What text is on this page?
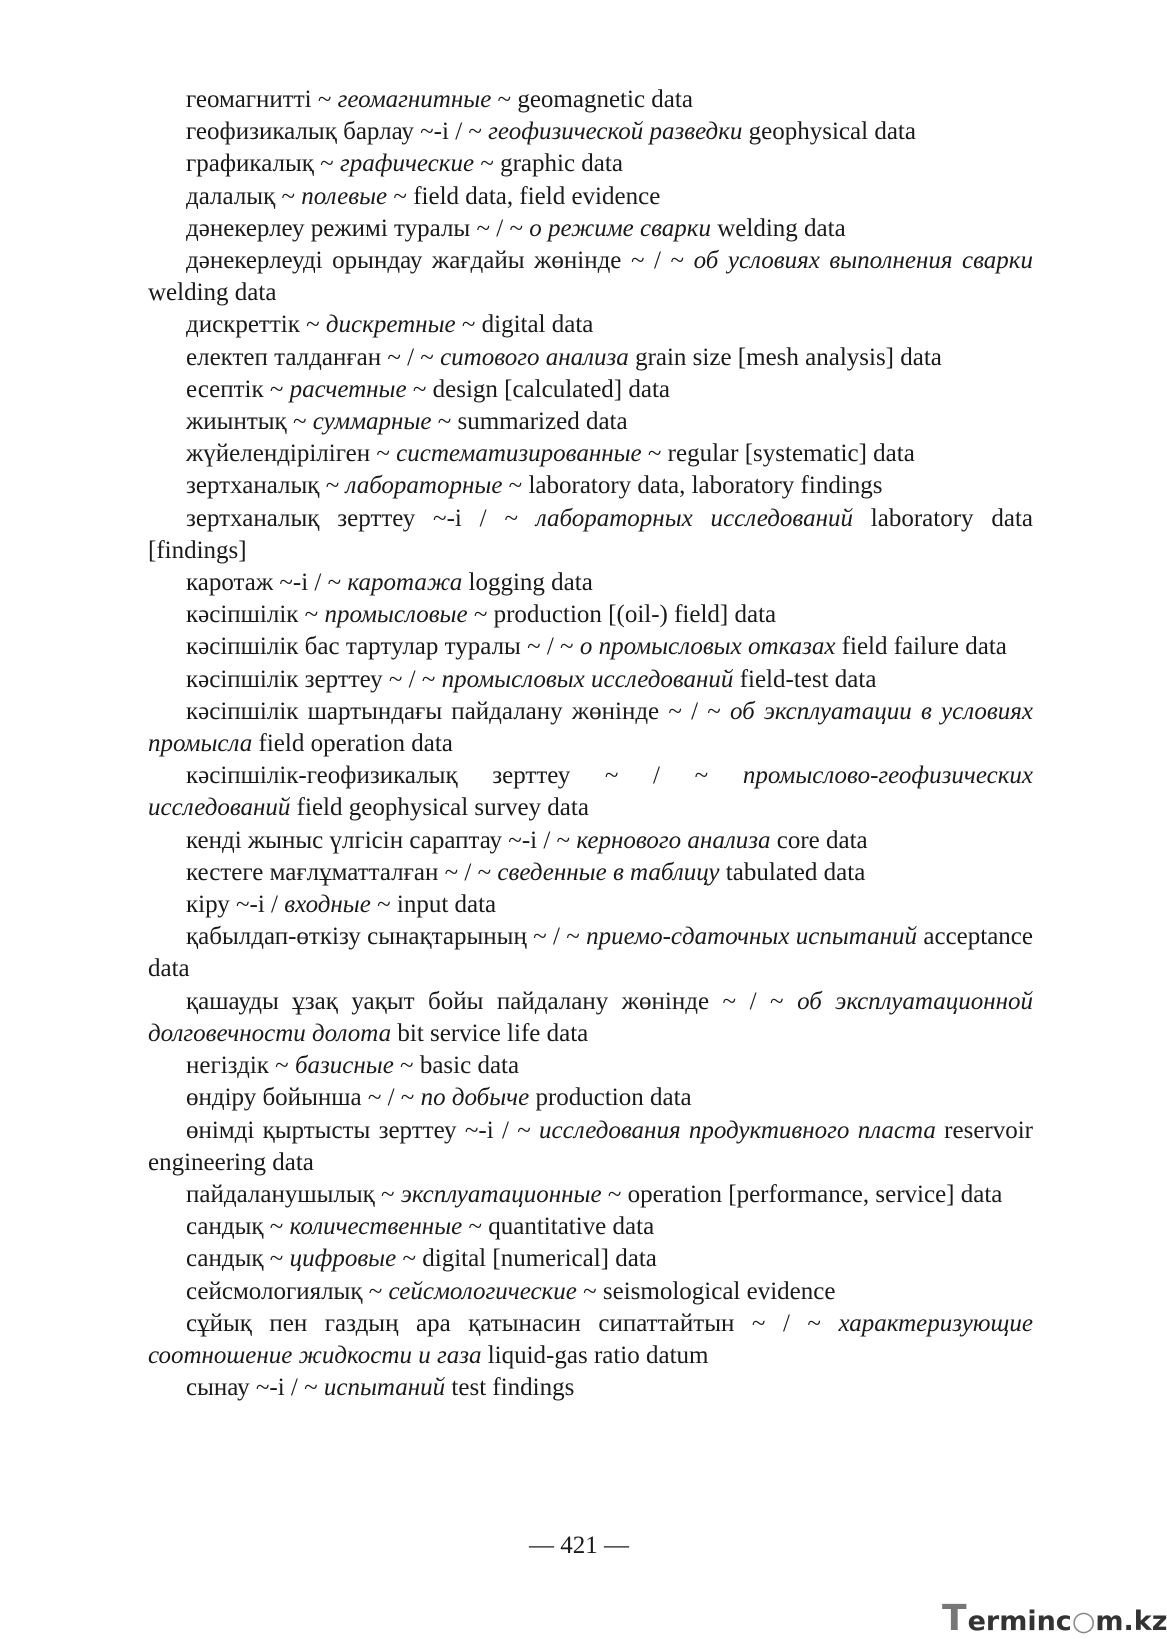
геомагниттi ~ геомагнитные ~ geomagnetic data

геофизикалық барлау ~-i / ~ геофизической разведки geophysical data

графикалық ~ графические ~ graphic data

далалық ~ полевые ~ field data, field evidence

дәнекерлеу режимi туралы ~ / ~ о режиме сварки welding data

дәнекерлеудi орындау жағдайы жөнiнде ~ / ~ об условиях выполнения сварки welding data

дискреттiк ~ дискретные ~ digital data

електеп талданған ~ / ~ ситового анализа grain size [mesh analysis] data

есептiк ~ расчетные ~ design [calculated] data

жиынтық ~ суммарные ~ summarized data

жүйелендiрiлiген ~ систематизированные ~ regular [systematic] data

зертханалық ~ лабораторные ~ laboratory data, laboratory findings

зертханалық зерттеу ~-i / ~ лабораторных исследований laboratory data [findings]

каротаж ~-i / ~ каротажа logging data

кәсiпшiлiк ~ промысловые ~ production [(oil-) field] data

кәсiпшiлiк бас тартулар туралы ~ / ~ о промысловых отказах field failure data

кәсiпшiлiк зерттеу ~ / ~ промысловых исследований field-test data

кәсiпшiлiк шартындағы пайдалану жөнiнде ~ / ~ об эксплуатации в условиях промысла field operation data

кәсiпшiлiк-геофизикалық зерттеу ~ / ~ промыслово-геофизических исследований field geophysical survey data

кендi жыныс үлгiсiн сараптау ~-i / ~ кернового анализа core data

кестеге мағлұматталған ~ / ~ сведенные в таблицу tabulated data

кiру ~-i / входные ~ input data

қабылдап-өткiзу сынақтарының ~ / ~ приемо-сдаточных испытаний acceptance data

қашауды ұзақ уақыт бойы пайдалану жөнiнде ~ / ~ об эксплуатационной долговечности долота bit service life data

негiздiк ~ базисные ~ basic data

өндiру бойынша ~ / ~ по добыче production data

өнiмдi қыртысты зерттеу ~-i / ~ исследования продуктивного пласта reservoir engineering data

пайдаланушылық ~ эксплуатационные ~ operation [performance, service] data

сандық ~ количественные ~ quantitative data

сандық ~ цифровые ~ digital [numerical] data

сейсмологиялық ~ сейсмологические ~ seismological evidence

сұйық пен газдың ара қатынасин сипаттайтын ~ / ~ характеризующие соотношение жидкости и газа liquid-gas ratio datum

сынау ~-i / ~ испытаний test findings

— 421 —
Terminc○m.kz
